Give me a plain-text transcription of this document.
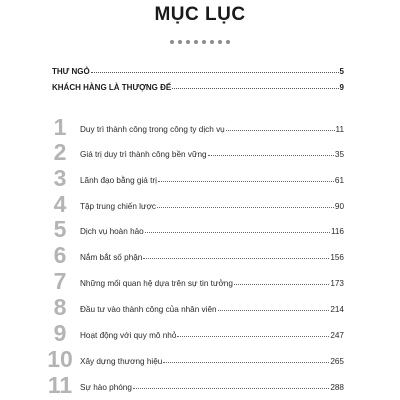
MỤC LỤC
THƯ NGỎ	5
KHÁCH HÀNG LÀ THƯỢNG ĐẾ	9
1	Duy trì thành công trong công ty dịch vụ	11
2	Giá trị duy trì thành công bền vững	35
3	Lãnh đạo bằng giá trị	61
4	Tập trung chiến lược	90
5	Dịch vụ hoàn hảo	116
6	Nắm bắt số phận	156
7	Những mối quan hệ dựa trên sự tin tưởng	173
8	Đầu tư vào thành công của nhân viên	214
9	Hoạt động với quy mô nhỏ	247
10 Xây dựng thương hiệu	265
11 Sự hào phóng	288
